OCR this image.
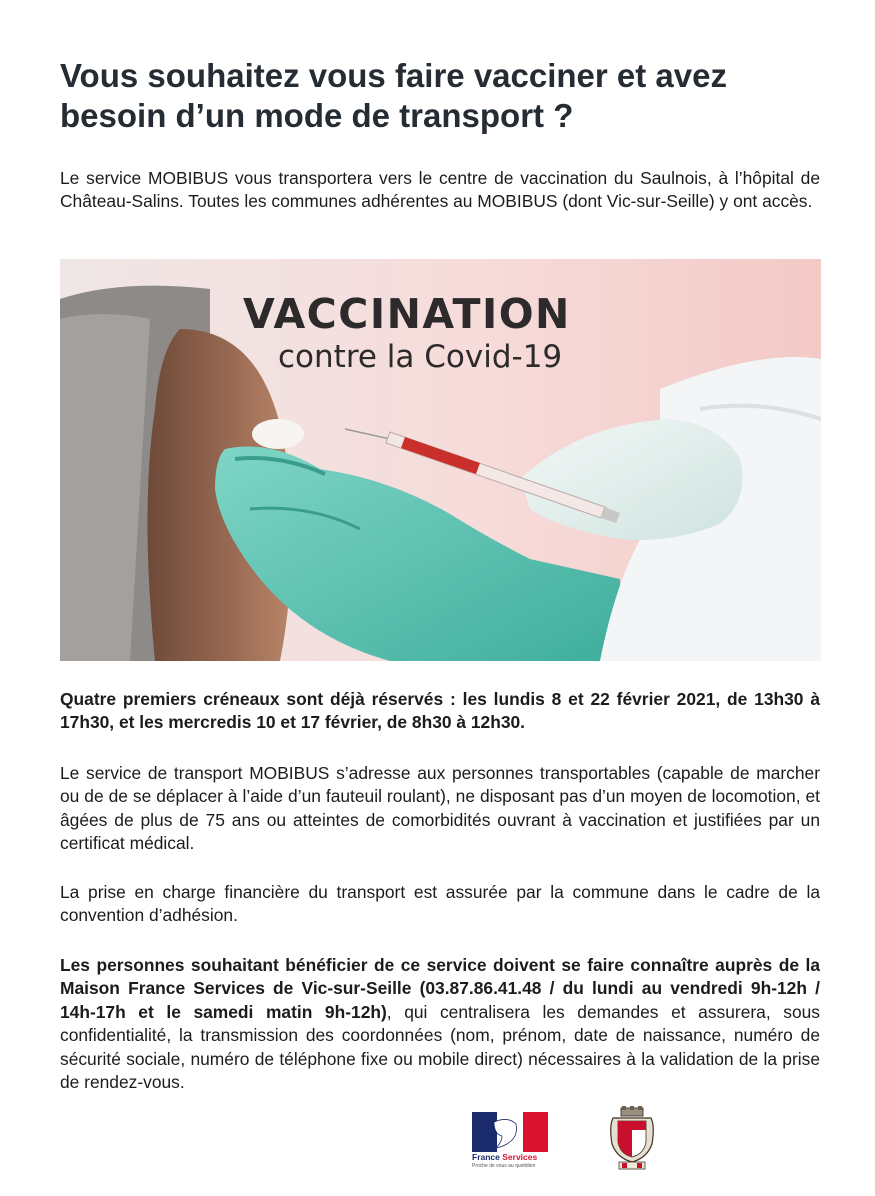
Vous souhaitez vous faire vacciner et avez besoin d’un mode de transport ?

Le service MOBIBUS vous transportera vers le centre de vaccination du Saulnois, à l’hôpital de Château-Salins. Toutes les communes adhérentes au MOBIBUS (dont Vic-sur-Seille) y ont accès.

VACCINATION

contre la Covid-19

Quatre premiers créneaux sont déjà réservés : les lundis 8 et 22 février 2021, de 13h30 à 17h30, et les mercredis 10 et 17 février, de 8h30 à 12h30.

Le service de transport MOBIBUS s’adresse aux personnes transportables (capable de marcher ou de de se déplacer à l’aide d’un fauteuil roulant), ne disposant pas d’un moyen de locomotion, et âgées de plus de 75 ans ou atteintes de comorbidités ouvrant à vaccination et justifiées par un certificat médical.

La prise en charge financière du transport est assurée par la commune dans le cadre de la convention d’adhésion.

Les personnes souhaitant bénéficier de ce service doivent se faire connaître auprès de la Maison France Services de Vic-sur-Seille (03.87.86.41.48 / du lundi au vendredi 9h-12h / 14h-17h et le samedi matin 9h-12h), qui centralisera les demandes et assurera, sous confidentialité, la transmission des coordonnées (nom, prénom, date de naissance, numéro de sécurité sociale, numéro de téléphone fixe ou mobile direct) nécessaires à la validation de la prise de rendez-vous.

France Services
Proche de vous au quotidien
